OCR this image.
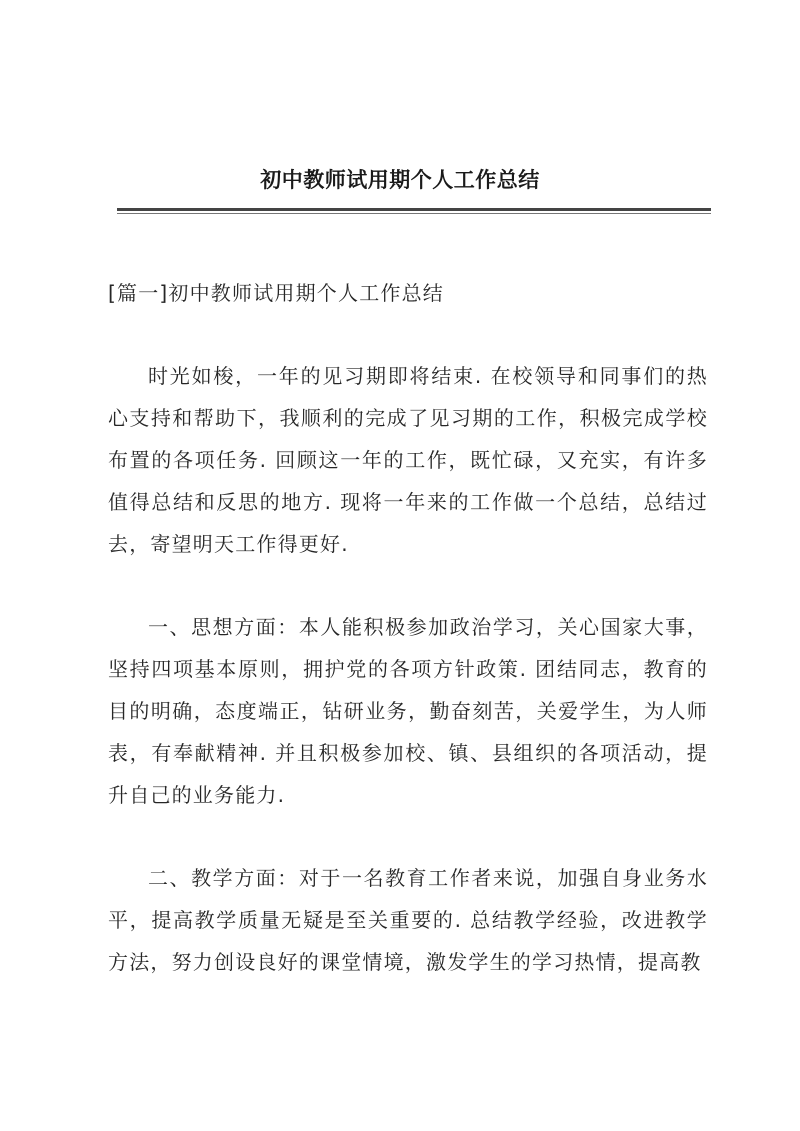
初中教师试用期个人工作总结
[篇一]初中教师试用期个人工作总结

时光如梭，一年的见习期即将结束. 在校领导和同事们的热心支持和帮助下，我顺利的完成了见习期的工作，积极完成学校布置的各项任务. 回顾这一年的工作，既忙碌，又充实，有许多值得总结和反思的地方. 现将一年来的工作做一个总结，总结过去，寄望明天工作得更好.

一、思想方面：本人能积极参加政治学习，关心国家大事，坚持四项基本原则，拥护党的各项方针政策. 团结同志，教育的目的明确，态度端正，钻研业务，勤奋刻苦，关爱学生，为人师表，有奉献精神. 并且积极参加校、镇、县组织的各项活动，提升自己的业务能力.

二、教学方面：对于一名教育工作者来说，加强自身业务水平，提高教学质量无疑是至关重要的. 总结教学经验，改进教学方法，努力创设良好的课堂情境，激发学生的学习热情，提高教
